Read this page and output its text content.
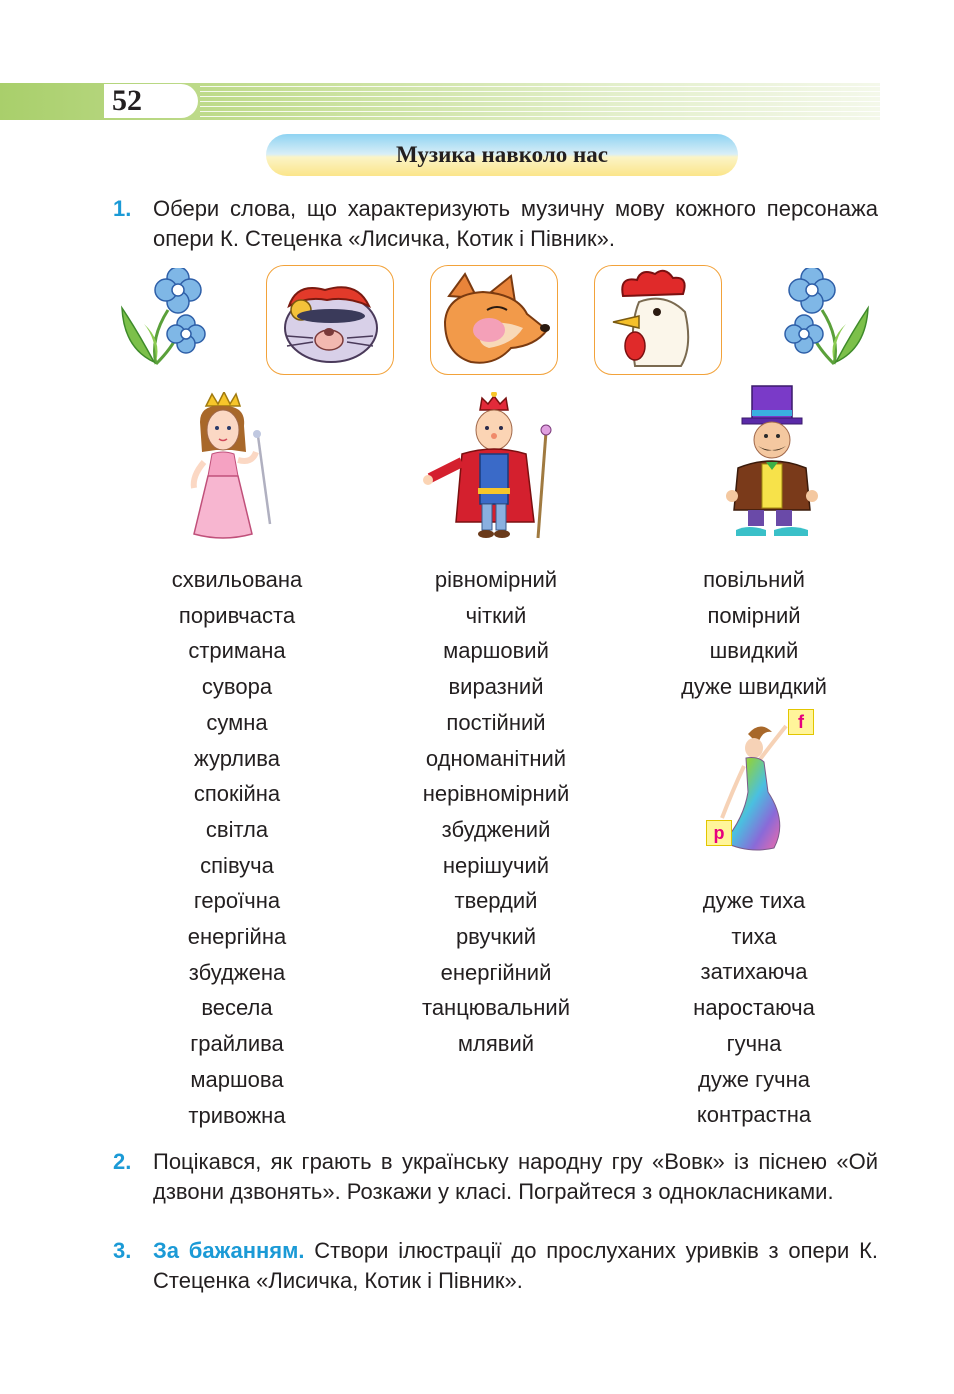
52
Музика навколо нас
1. Обери слова, що характеризують музичну мову кожного персонажа опери К. Стеценка «Лисичка, Котик і Півник».

схвильована
поривчаста
стримана
сувора
сумна
журлива
спокійна
світла
співуча
героїчна
енергійна
збуджена
весела
грайлива
маршова
тривожна
рівномірний
чіткий
маршовий
виразний
постійний
одноманітний
нерівномірний
збуджений
нерішучий
твердий
рвучкий
енергійний
танцювальний
млявий
повільний
помірний
швидкий
дуже швидкий
f
p
дуже тиха
тиха
затихаюча
наростаюча
гучна
дуже гучна
контрастна
2. Поцікався, як грають в українську народну гру «Вовк» із піснею «Ой дзвони дзвонять». Розкажи у класі. Пограйтеся з однокласниками.

3. За бажанням. Створи ілюстрації до прослуханих уривків з опери К. Стеценка «Лисичка, Котик і Півник».
